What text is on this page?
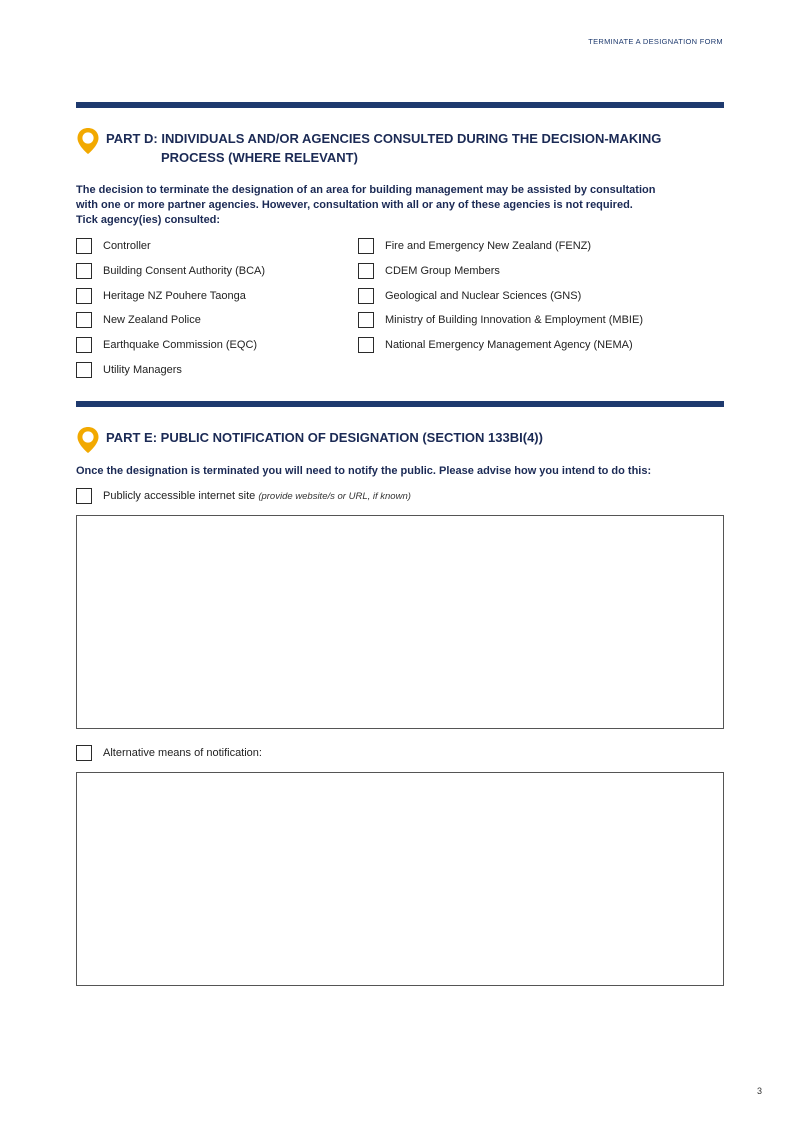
TERMINATE A DESIGNATION FORM
PART D: INDIVIDUALS AND/OR AGENCIES CONSULTED DURING THE DECISION-MAKING
PROCESS (WHERE RELEVANT)
The decision to terminate the designation of an area for building management may be assisted by consultation
with one or more partner agencies. However, consultation with all or any of these agencies is not required.
Tick agency(ies) consulted:
Controller
Building Consent Authority (BCA)
Heritage NZ Pouhere Taonga
New Zealand Police
Earthquake Commission (EQC)
Utility Managers
Fire and Emergency New Zealand (FENZ)
CDEM Group Members
Geological and Nuclear Sciences (GNS)
Ministry of Building Innovation & Employment (MBIE)
National Emergency Management Agency (NEMA)
PART E: PUBLIC NOTIFICATION OF DESIGNATION (SECTION 133BI(4))
Once the designation is terminated you will need to notify the public. Please advise how you intend to do this:
Publicly accessible internet site (provide website/s or URL, if known)
Alternative means of notification:
3
